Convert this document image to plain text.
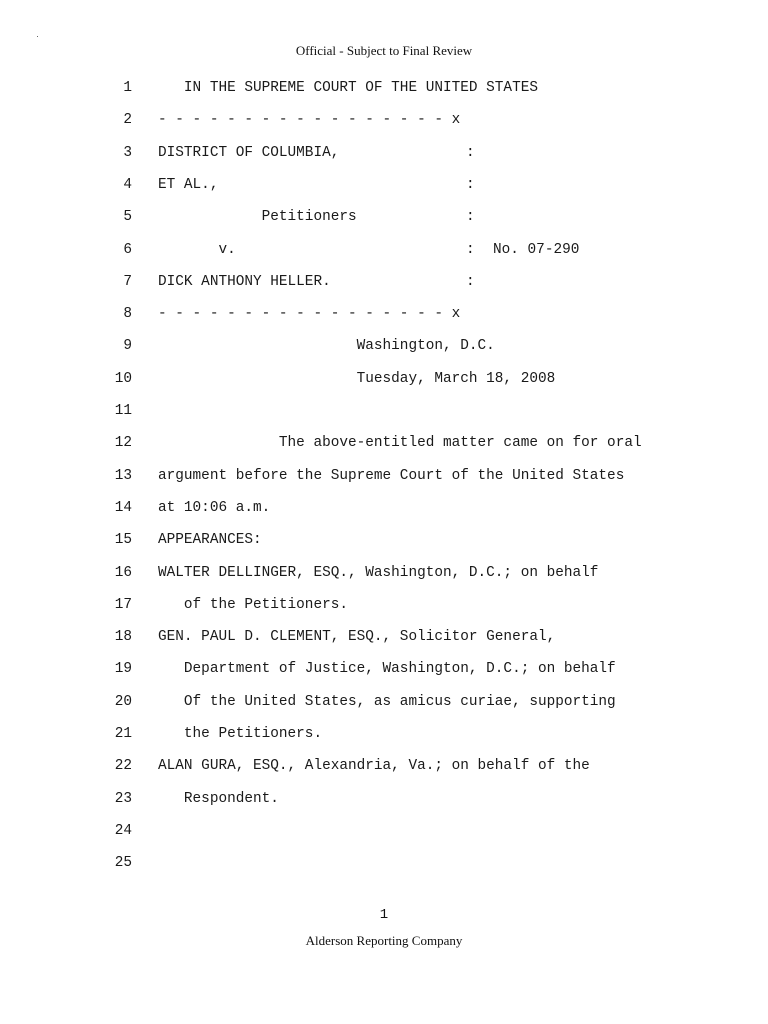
Official - Subject to Final Review
1 IN THE SUPREME COURT OF THE UNITED STATES
2 - - - - - - - - - - - - - - - - - x
3 DISTRICT OF COLUMBIA,	:
4 ET AL.,	:
5 Petitioners	:
6 v.	: No. 07-290
7 DICK ANTHONY HELLER.	:
8 - - - - - - - - - - - - - - - - - x
9 Washington, D.C.
10 Tuesday, March 18, 2008
11
12 The above-entitled matter came on for oral
13 argument before the Supreme Court of the United States
14 at 10:06 a.m.
15 APPEARANCES:
16 WALTER DELLINGER, ESQ., Washington, D.C.; on behalf
17 of the Petitioners.
18 GEN. PAUL D. CLEMENT, ESQ., Solicitor General,
19 Department of Justice, Washington, D.C.; on behalf
20 Of the United States, as amicus curiae, supporting
21 the Petitioners.
22 ALAN GURA, ESQ., Alexandria, Va.; on behalf of the
23 Respondent.
24
25
1
Alderson Reporting Company
